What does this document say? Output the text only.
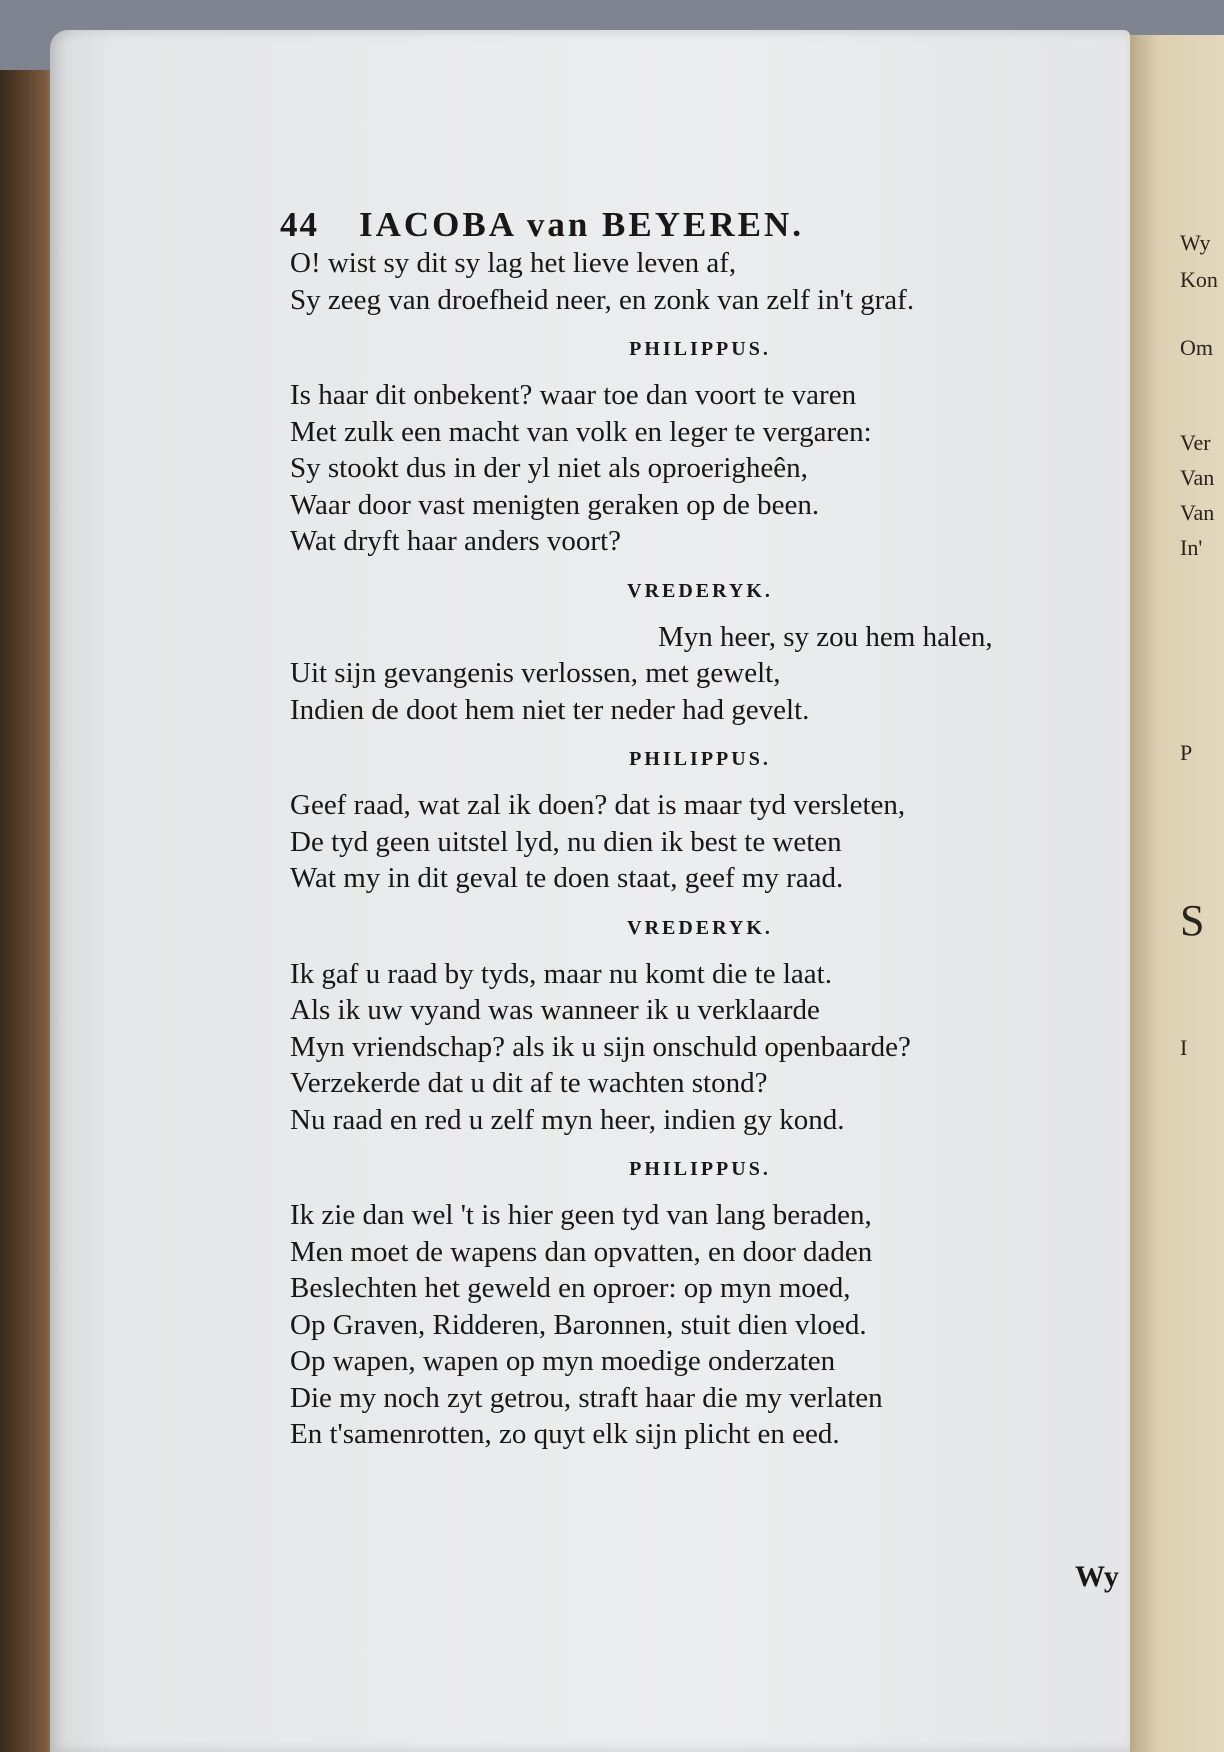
Wy
Kon
Om
Ver
Van
Van
In'
P
S
I
44 IACOBA van BEYEREN.
O! wist sy dit sy lag het lieve leven af,
Sy zeeg van droefheid neer, en zonk van zelf in't graf.
PHILIPPUS.
Is haar dit onbekent? waar toe dan voort te varen
Met zulk een macht van volk en leger te vergaren:
Sy stookt dus in der yl niet als oproerigheên,
Waar door vast menigten geraken op de been.
Wat dryft haar anders voort?
VREDERYK.
Myn heer, sy zou hem halen,
Uit sijn gevangenis verlossen, met gewelt,
Indien de doot hem niet ter neder had gevelt.
PHILIPPUS.
Geef raad, wat zal ik doen? dat is maar tyd versleten,
De tyd geen uitstel lyd, nu dien ik best te weten
Wat my in dit geval te doen staat, geef my raad.
VREDERYK.
Ik gaf u raad by tyds, maar nu komt die te laat.
Als ik uw vyand was wanneer ik u verklaarde
Myn vriendschap? als ik u sijn onschuld openbaarde?
Verzekerde dat u dit af te wachten stond?
Nu raad en red u zelf myn heer, indien gy kond.
PHILIPPUS.
Ik zie dan wel 't is hier geen tyd van lang beraden,
Men moet de wapens dan opvatten, en door daden
Beslechten het geweld en oproer: op myn moed,
Op Graven, Ridderen, Baronnen, stuit dien vloed.
Op wapen, wapen op myn moedige onderzaten
Die my noch zyt getrou, straft haar die my verlaten
En t'samenrotten, zo quyt elk sijn plicht en eed.
Wy
